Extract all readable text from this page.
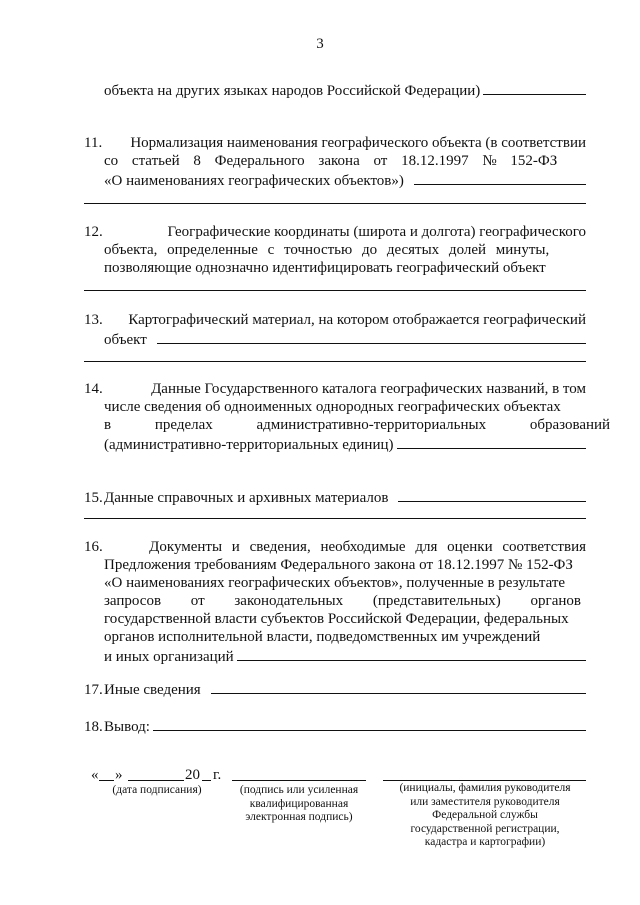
3
объекта на других языках народов Российской Федерации)
11. Нормализация наименования географического объекта (в соответствии
со статьей 8 Федерального закона от 18.12.1997 № 152-ФЗ
«О наименованиях географических объектов»)
12.	Географические координаты (широта и долгота) географического
объекта, определенные с точностью до десятых долей минуты,
позволяющие однозначно идентифицировать географический объект
13. Картографический материал, на котором отображается географический
объект
14.	Данные Государственного каталога географических названий, в том
числе сведения об одноименных однородных географических объектах
в пределах административно-территориальных образований
(административно-территориальных единиц)
15. Данные справочных и архивных материалов
16.	Документы и сведения, необходимые для оценки соответствия
Предложения требованиям Федерального закона от 18.12.1997 № 152-ФЗ
«О наименованиях географических объектов», полученные в результате
запросов от законодательных (представительных) органов
государственной власти субъектов Российской Федерации, федеральных
органов исполнительной власти, подведомственных им учреждений
и иных организаций
17. Иные сведения
18. Вывод:
« »	20 г.
(дата подписания)	(подпись или усиленная
квалифицированная
электронная подпись)
(инициалы, фамилия руководителя
или заместителя руководителя
Федеральной службы
государственной регистрации,
кадастра и картографии)
